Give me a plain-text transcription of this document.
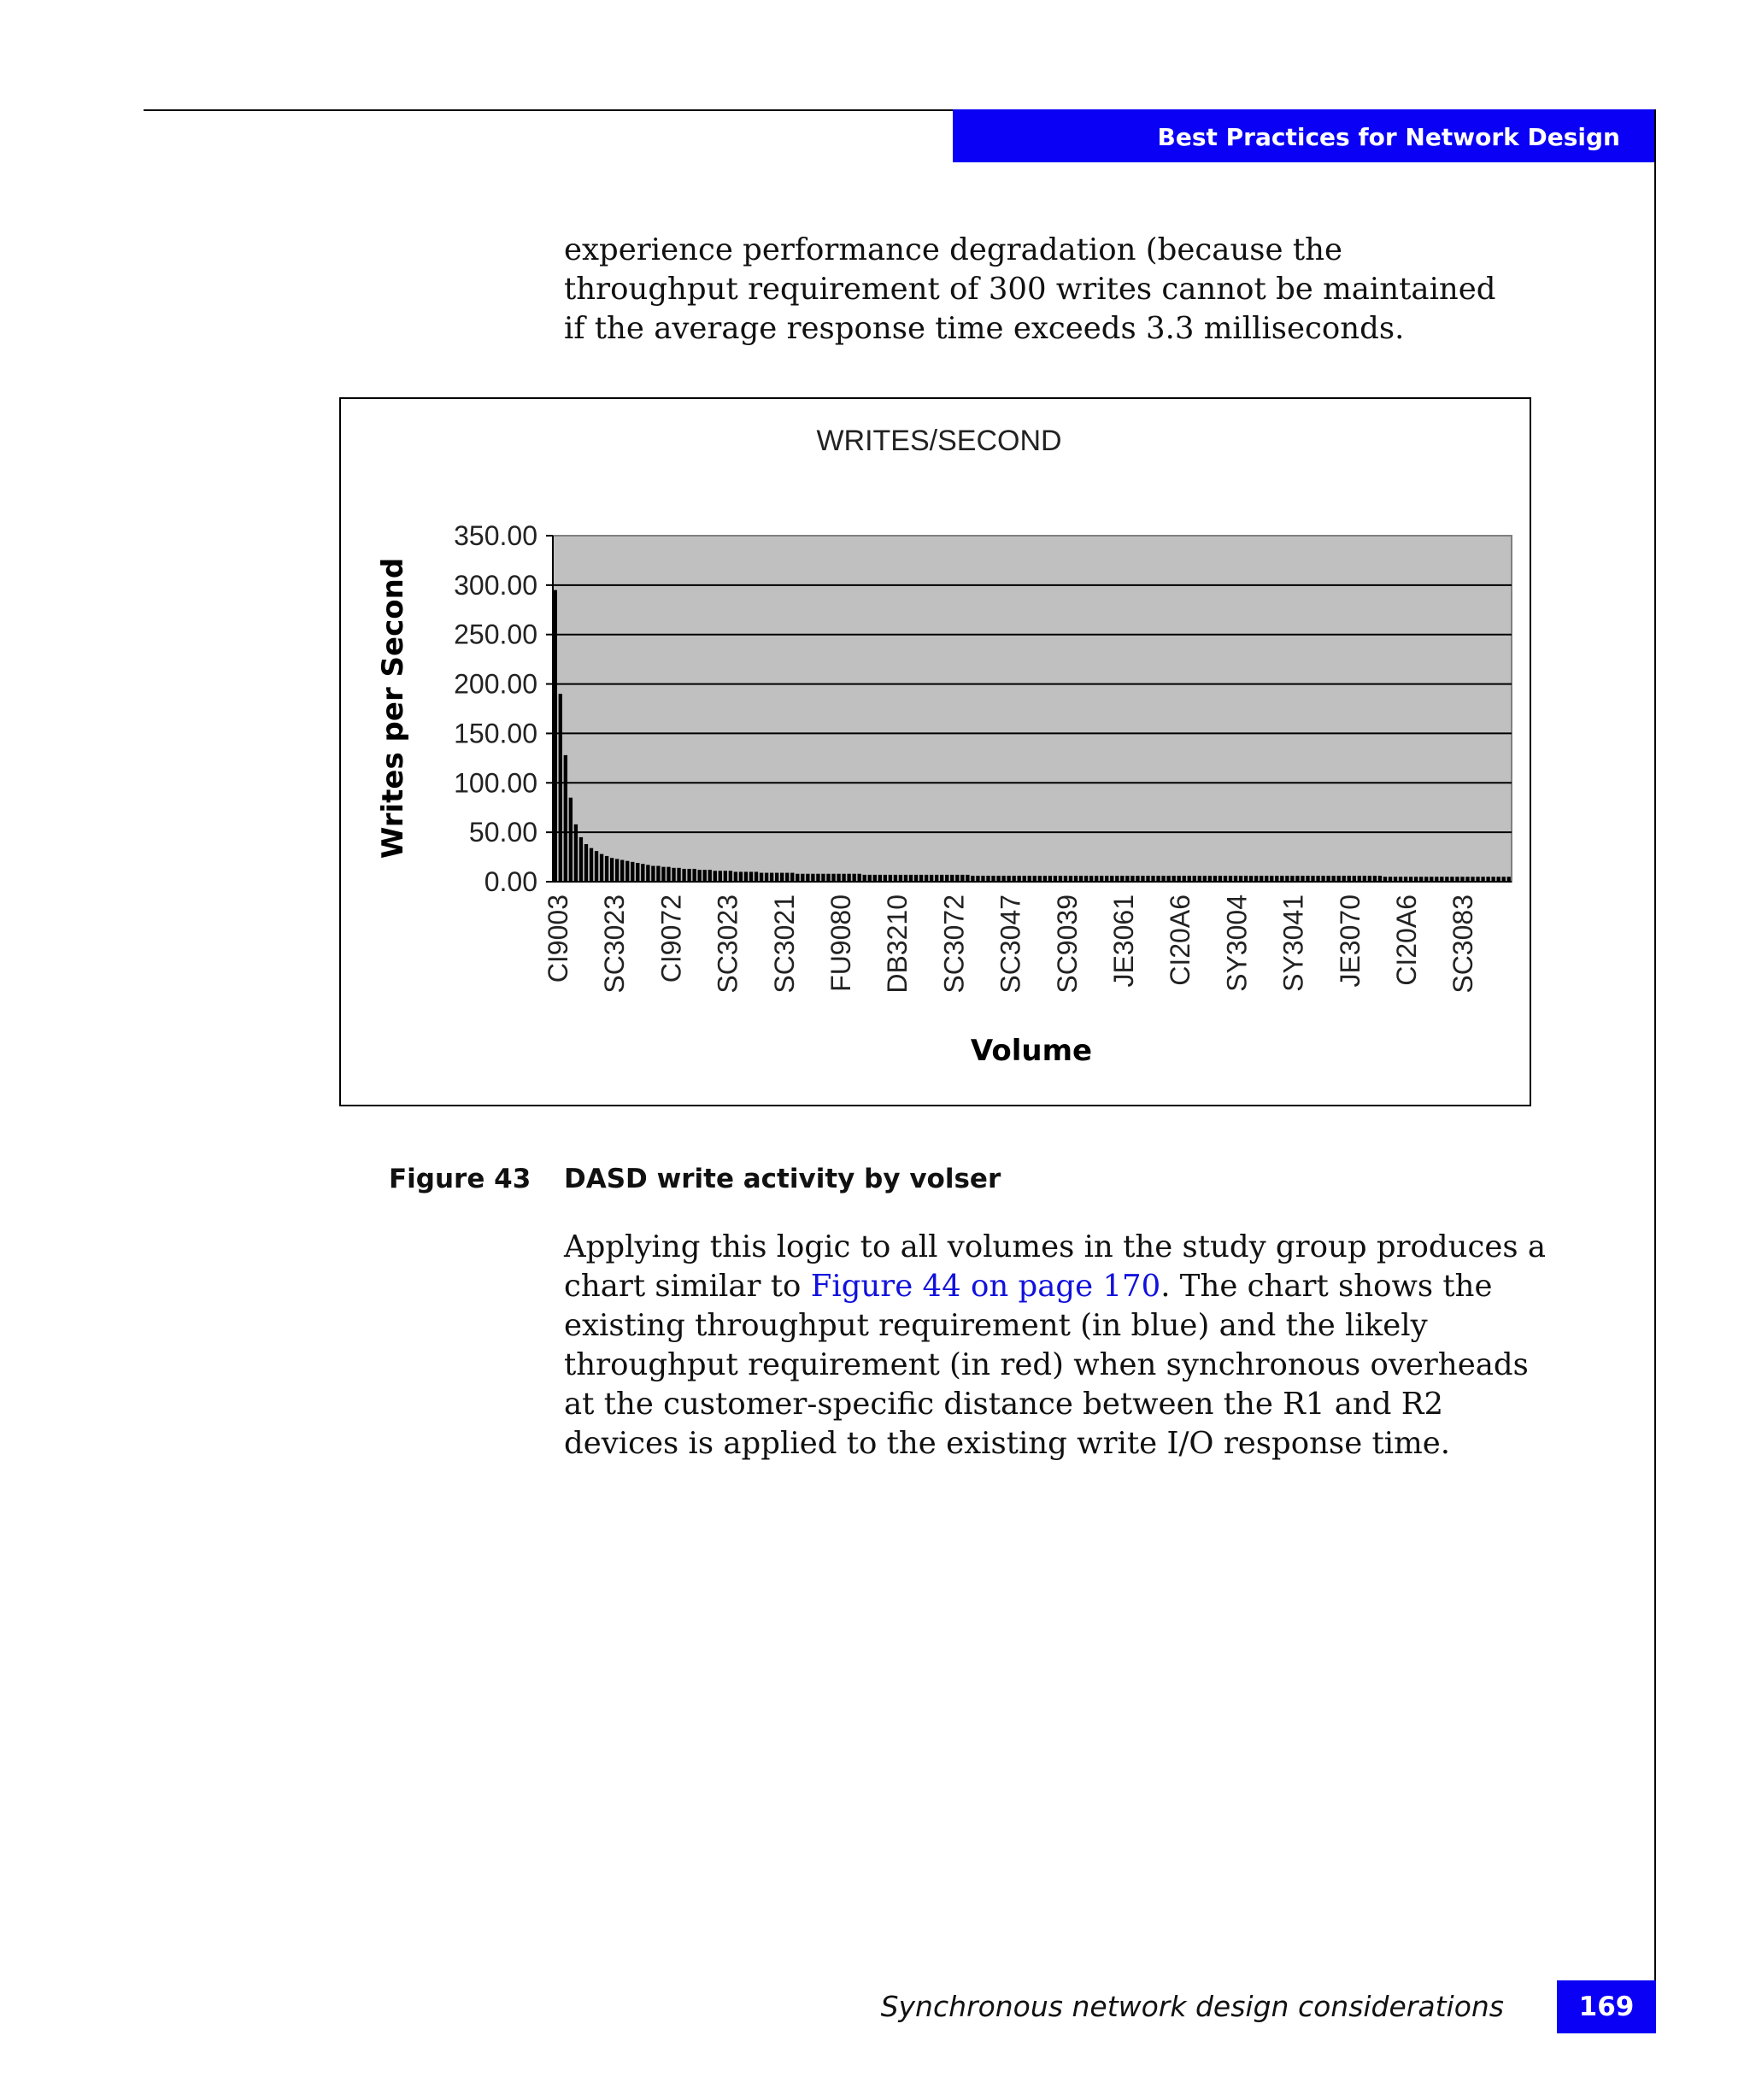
Best Practices for Network Design

experience performance degradation (because the throughput requirement of 300 writes cannot be maintained if the average response time exceeds 3.3 milliseconds.

WRITES/SECOND
0.00
50.00
100.00
150.00
200.00
250.00
300.00
350.00
CI9003 SC3023 CI9072 SC3023 SC3021 FU9080 DB3210 SC3072 SC3047 SC9039 JE3061 CI20A6 SY3004 SY3041 JE3070 CI20A6 SC3083
Writes per Second
Volume
Figure 43 DASD write activity by volser

Applying this logic to all volumes in the study group produces a chart similar to Figure 44 on page 170. The chart shows the existing throughput requirement (in blue) and the likely throughput requirement (in red) when synchronous overheads at the customer-specific distance between the R1 and R2 devices is applied to the existing write I/O response time.

Synchronous network design considerations	169
